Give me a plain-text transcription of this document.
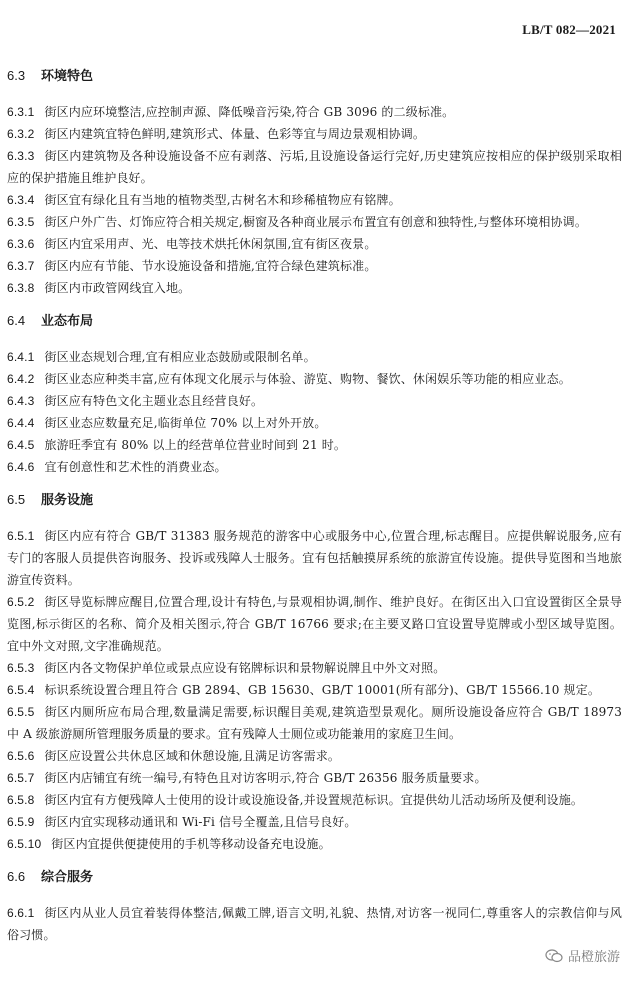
LB/T 082—2021
6.3	环境特色

6.3.1 街区内应环境整洁,应控制声源、降低噪音污染,符合 GB 3096 的二级标准。

6.3.2 街区内建筑宜特色鲜明,建筑形式、体量、色彩等宜与周边景观相协调。

6.3.3 街区内建筑物及各种设施设备不应有剥落、污垢,且设施设备运行完好,历史建筑应按相应的保护级别采取相应的保护措施且维护良好。

6.3.4 街区宜有绿化且有当地的植物类型,古树名木和珍稀植物应有铭牌。

6.3.5 街区户外广告、灯饰应符合相关规定,橱窗及各种商业展示布置宜有创意和独特性,与整体环境相协调。

6.3.6 街区内宜采用声、光、电等技术烘托休闲氛围,宜有街区夜景。

6.3.7 街区内应有节能、节水设施设备和措施,宜符合绿色建筑标准。

6.3.8 街区内市政管网线宜入地。

6.4	业态布局

6.4.1 街区业态规划合理,宜有相应业态鼓励或限制名单。

6.4.2 街区业态应种类丰富,应有体现文化展示与体验、游览、购物、餐饮、休闲娱乐等功能的相应业态。

6.4.3 街区应有特色文化主题业态且经营良好。

6.4.4 街区业态应数量充足,临街单位 70% 以上对外开放。

6.4.5 旅游旺季宜有 80% 以上的经营单位营业时间到 21 时。

6.4.6 宜有创意性和艺术性的消费业态。

6.5	服务设施

6.5.1 街区内应有符合 GB/T 31383 服务规范的游客中心或服务中心,位置合理,标志醒目。应提供解说服务,应有专门的客服人员提供咨询服务、投诉或残障人士服务。宜有包括触摸屏系统的旅游宣传设施。提供导览图和当地旅游宣传资料。

6.5.2 街区导览标牌应醒目,位置合理,设计有特色,与景观相协调,制作、维护良好。在街区出入口宜设置街区全景导览图,标示街区的名称、简介及相关图示,符合 GB/T 16766 要求;在主要叉路口宜设置导览牌或小型区域导览图。宜中外文对照,文字准确规范。

6.5.3 街区内各文物保护单位或景点应设有铭牌标识和景物解说牌且中外文对照。

6.5.4 标识系统设置合理且符合 GB 2894、GB 15630、GB/T 10001(所有部分)、GB/T 15566.10 规定。

6.5.5 街区内厕所应布局合理,数量满足需要,标识醒目美观,建筑造型景观化。厕所设施设备应符合 GB/T 18973 中 A 级旅游厕所管理服务质量的要求。宜有残障人士厕位或功能兼用的家庭卫生间。

6.5.6 街区应设置公共休息区域和休憩设施,且满足访客需求。

6.5.7 街区内店铺宜有统一编号,有特色且对访客明示,符合 GB/T 26356 服务质量要求。

6.5.8 街区内宜有方便残障人士使用的设计或设施设备,并设置规范标识。宜提供幼儿活动场所及便利设施。

6.5.9 街区内宜实现移动通讯和 Wi-Fi 信号全覆盖,且信号良好。

6.5.10 街区内宜提供便捷使用的手机等移动设备充电设施。

6.6	综合服务

6.6.1 街区内从业人员宜着装得体整洁,佩戴工牌,语言文明,礼貌、热情,对访客一视同仁,尊重客人的宗教信仰与风俗习惯。

品橙旅游
